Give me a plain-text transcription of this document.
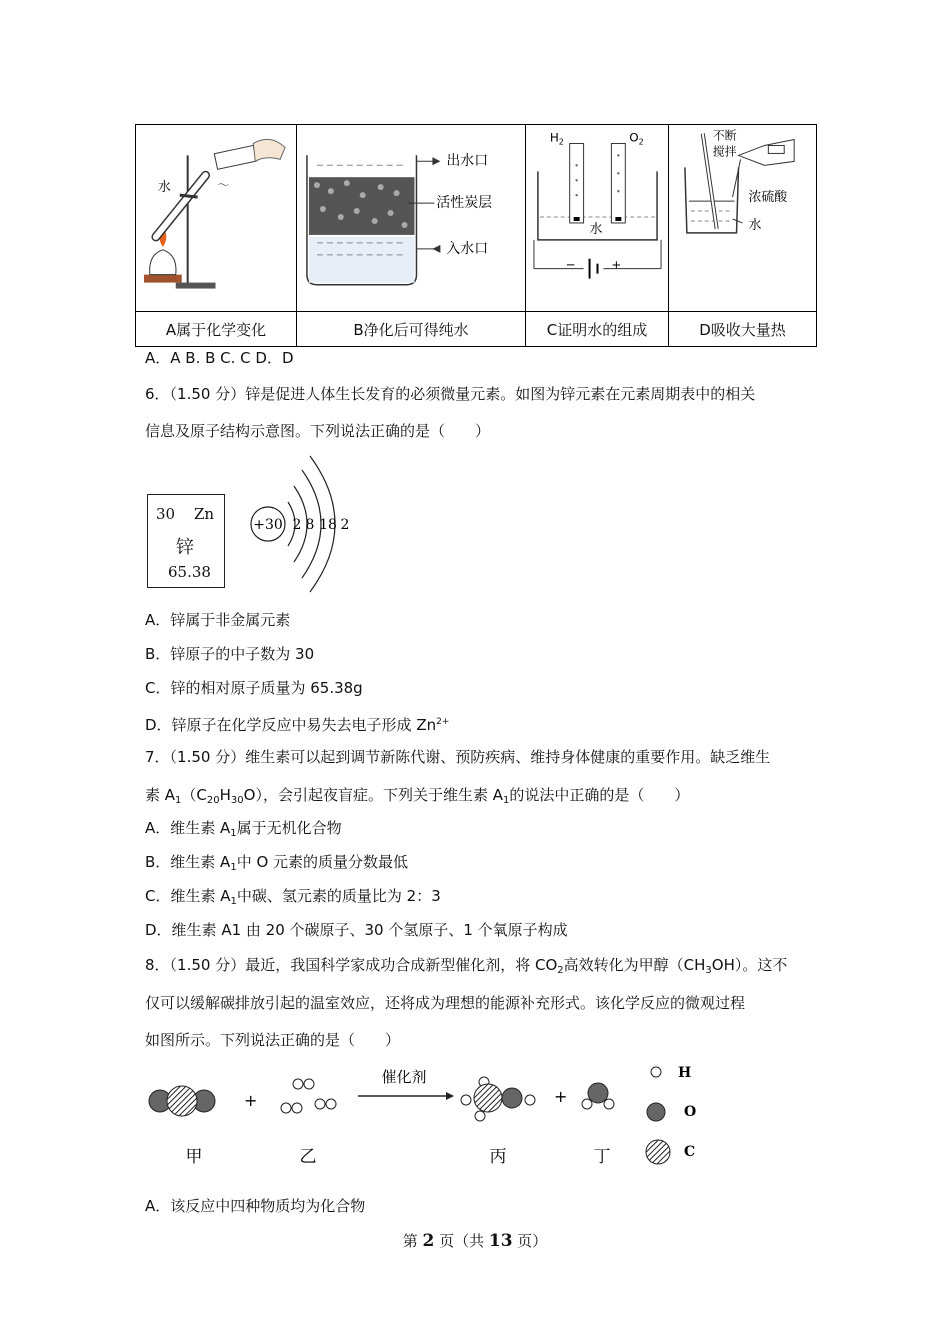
水 〜	出水口
活性炭层
入水口	$H_2$ $O_2$
水
− +	不断
搅拌
浓硫酸
水

A属于化学变化	B净化后可得纯水	C证明水的组成	D吸收大量热
A．A B. B C. C D．D
6．（1.50 分）锌是促进人体生长发育的必须微量元素。如图为锌元素在元素周期表中的相关
信息及原子结构示意图。下列说法正确的是（　　）
30 Zn
锌
65.38
+30 2 8 18 2
A．锌属于非金属元素
B．锌原子的中子数为 30
C．锌的相对原子质量为 65.38g
D．锌原子在化学反应中易失去电子形成 $Zn^{2+}$
7．（1.50 分）维生素可以起到调节新陈代谢、预防疾病、维持身体健康的重要作用。缺乏维生
素 $A_1(C_{20}H_{30}O)$，会引起夜盲症。下列关于维生素 $A_1$的说法中正确的是（　　）
A．维生素 $A_1$属于无机化合物
B．维生素 $A_1$中 O 元素的质量分数最低
C．维生素 $A_1$中碳、氢元素的质量比为 2：3
D．维生素 A1 由 20 个碳原子、30 个氢原子、1 个氧原子构成
8．（1.50 分）最近，我国科学家成功合成新型催化剂，将 $CO_2$高效转化为甲醇$(CH_3OH)$。这不
仅可以缓解碳排放引起的温室效应，还将成为理想的能源补充形式。该化学反应的微观过程
如图所示。下列说法正确的是（　　）
+
催化剂
+
甲	乙	丙	丁
H
O
C
A．该反应中四种物质均为化合物
第 2 页（共 13 页）
